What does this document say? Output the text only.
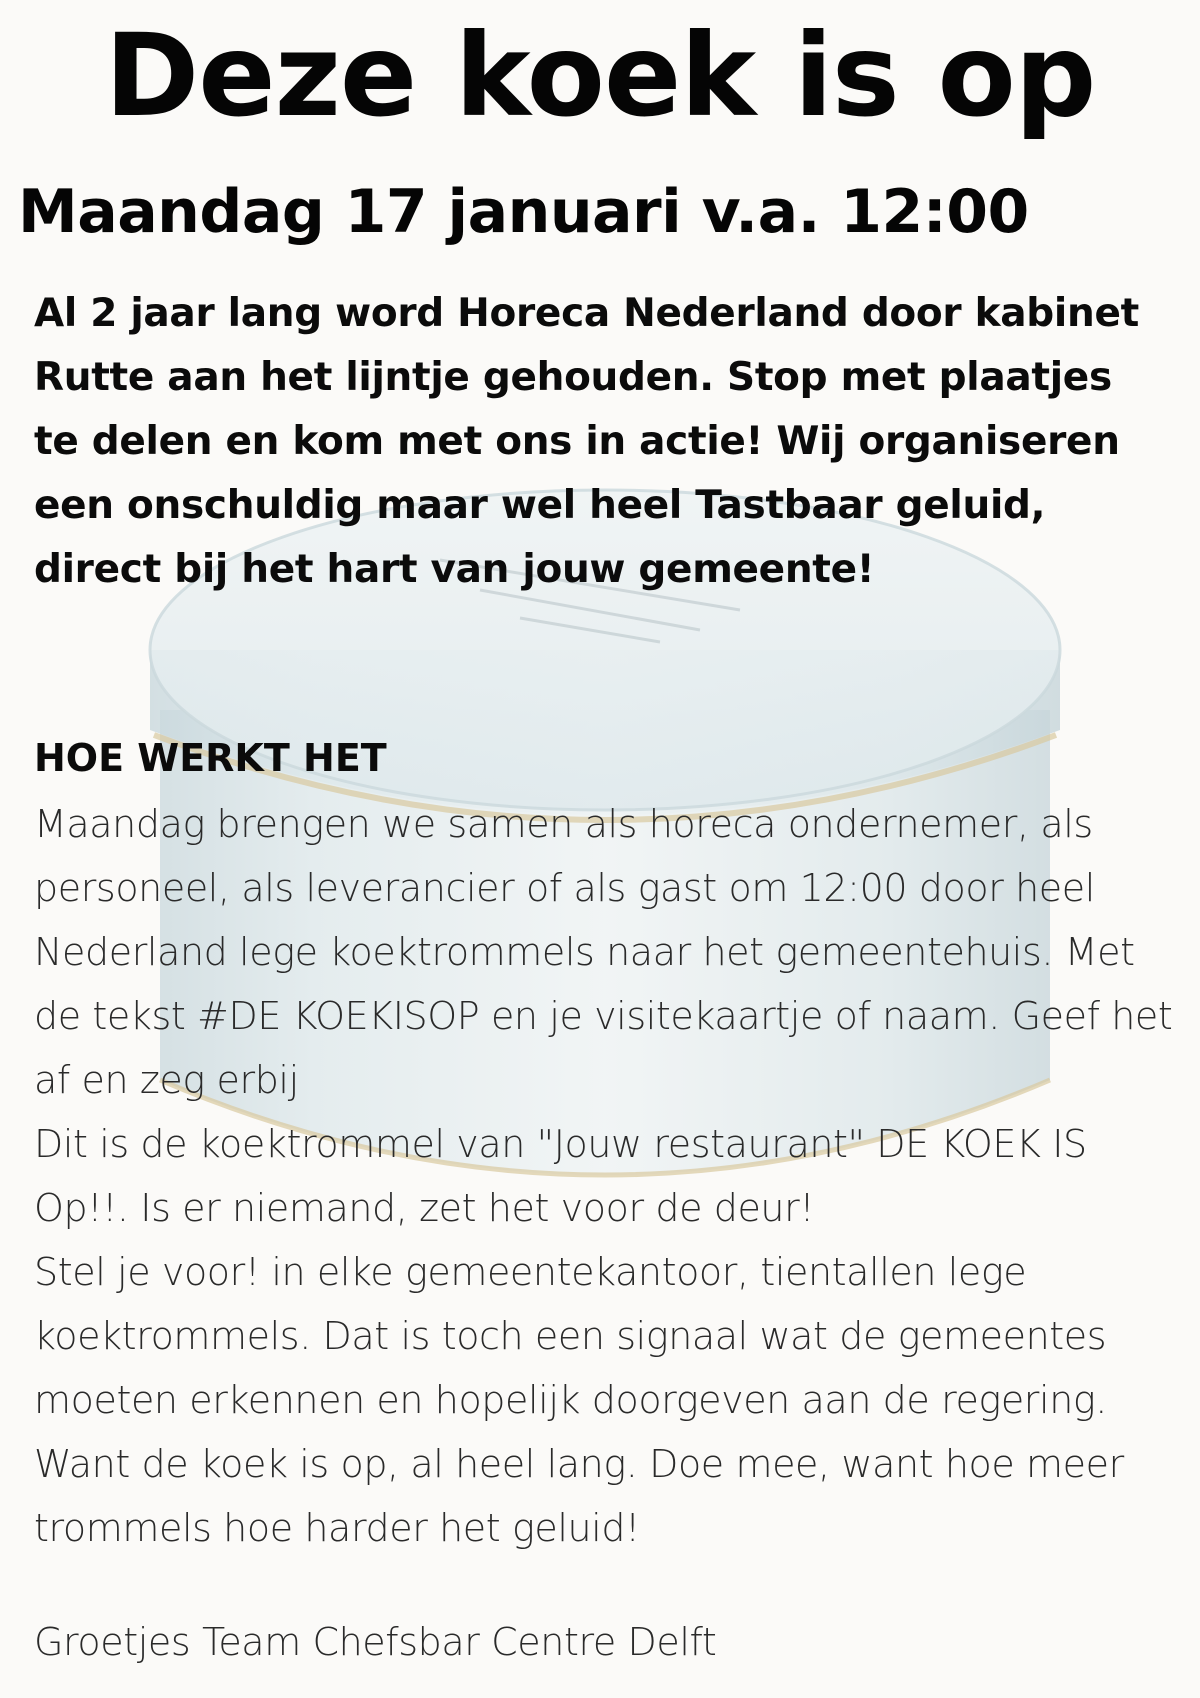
Deze koek is op
Maandag 17 januari v.a. 12:00

Al 2 jaar lang word Horeca Nederland door kabinet Rutte aan het lijntje gehouden. Stop met plaatjes te delen en kom met ons in actie! Wij organiseren een onschuldig maar wel heel Tastbaar geluid, direct bij het hart van jouw gemeente!

HOE WERKT HET

Maandag brengen we samen als horeca ondernemer, als personeel, als leverancier of als gast om 12:00 door heel Nederland lege koektrommels naar het gemeentehuis. Met de tekst #DE KOEKISOP en je visitekaartje of naam. Geef het af en zeg erbij
Dit is de koektrommel van "Jouw restaurant" DE KOEK IS Op!!. Is er niemand, zet het voor de deur!
Stel je voor! in elke gemeentekantoor, tientallen lege koektrommels. Dat is toch een signaal wat de gemeentes moeten erkennen en hopelijk doorgeven aan de regering. Want de koek is op, al heel lang. Doe mee, want hoe meer trommels hoe harder het geluid!

Groetjes Team Chefsbar Centre Delft
